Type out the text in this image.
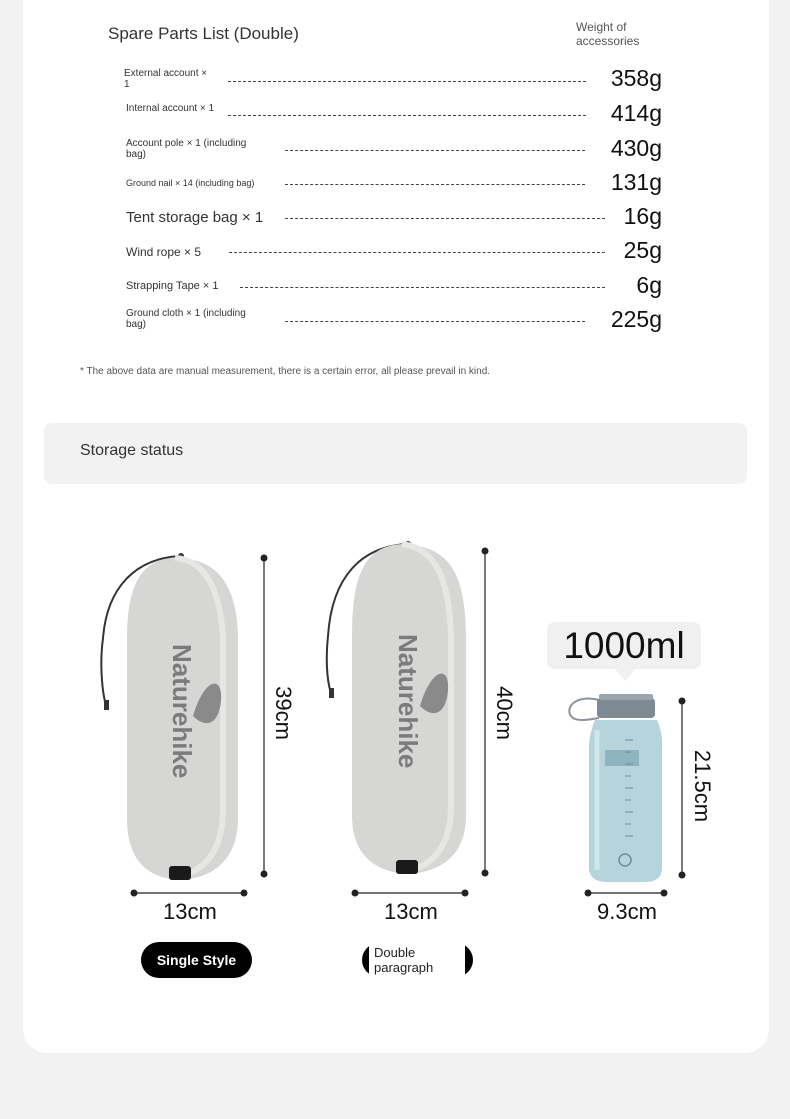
Spare Parts List (Double)	Weight of accessories
External account × 1	358g
Internal account × 1	414g
Account pole × 1 (including bag)	430g
Ground nail × 14 (including bag)	131g
Tent storage bag × 1	16g
Wind rope × 5	25g
Strapping Tape × 1	6g
Ground cloth × 1 (including bag)	225g
* The above data are manual measurement, there is a certain error, all please prevail in kind.
Storage status
Naturehike	39cm
13cm
Single Style
Naturehike	40cm
13cm
Double paragraph
1000ml
21.5cm
9.3cm
